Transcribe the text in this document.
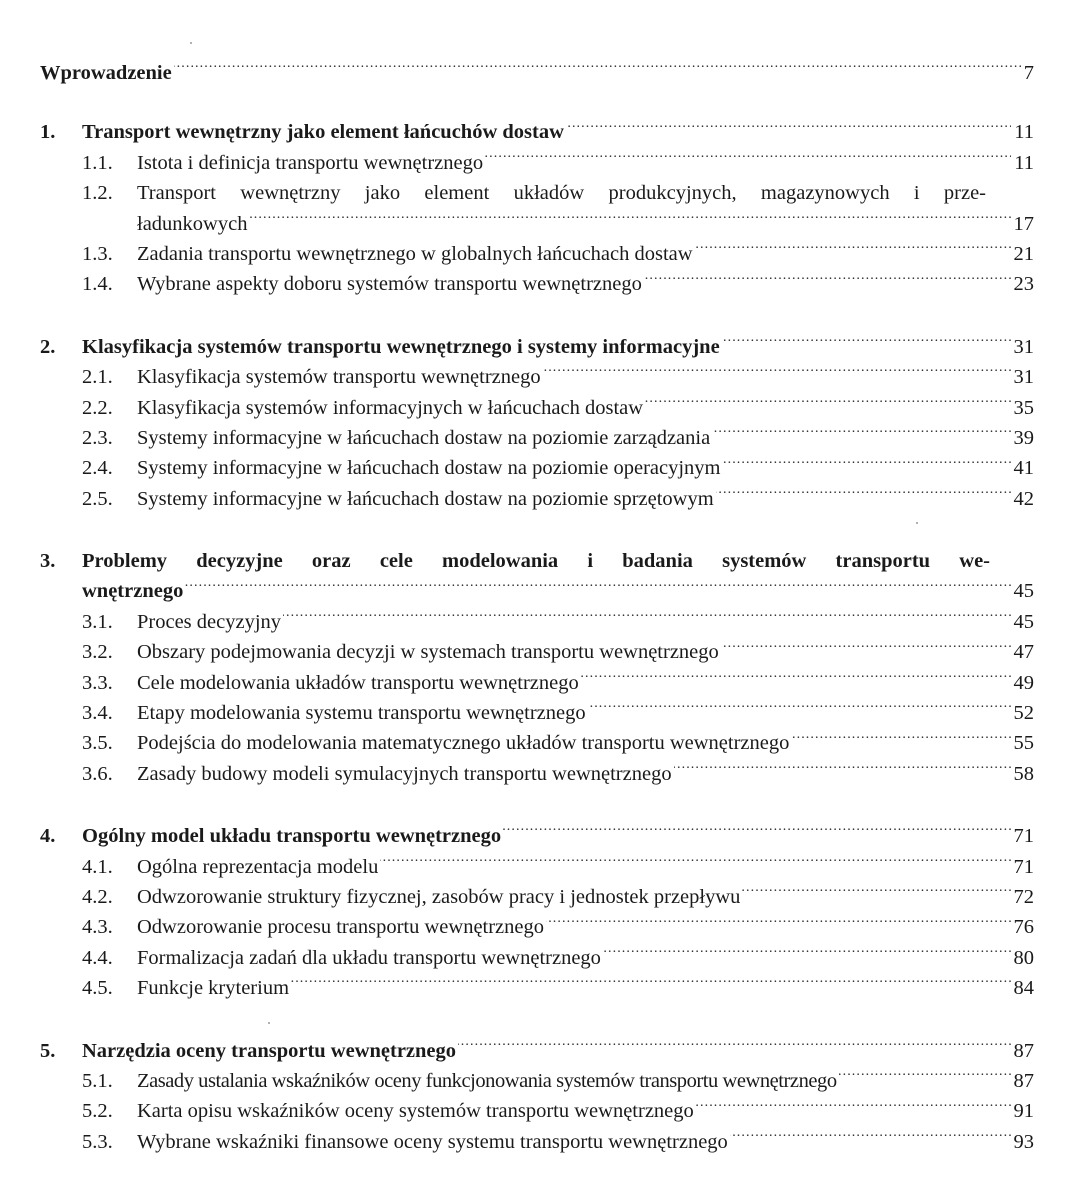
Wprowadzenie . . .	7
1.	Transport wewnętrzny jako element łańcuchów dostaw . . .	11
1.1.	Istota i definicja transportu wewnętrznego . . .	11
1.2.	Transport wewnętrzny jako element układów produkcyjnych, magazynowych i prze-
ładunkowych . . .	17
1.3.	Zadania transportu wewnętrznego w globalnych łańcuchach dostaw . . .	21
1.4.	Wybrane aspekty doboru systemów transportu wewnętrznego . . .	23
2.	Klasyfikacja systemów transportu wewnętrznego i systemy informacyjne . . .	31
2.1.	Klasyfikacja systemów transportu wewnętrznego . . .	31
2.2.	Klasyfikacja systemów informacyjnych w łańcuchach dostaw . . .	35
2.3.	Systemy informacyjne w łańcuchach dostaw na poziomie zarządzania . . .	39
2.4.	Systemy informacyjne w łańcuchach dostaw na poziomie operacyjnym . . .	41
2.5.	Systemy informacyjne w łańcuchach dostaw na poziomie sprzętowym . . .	42
3.	Problemy decyzyjne oraz cele modelowania i badania systemów transportu we-
wnętrznego . . .	45
3.1.	Proces decyzyjny . . .	45
3.2.	Obszary podejmowania decyzji w systemach transportu wewnętrznego . . .	47
3.3.	Cele modelowania układów transportu wewnętrznego . . .	49
3.4.	Etapy modelowania systemu transportu wewnętrznego . . .	52
3.5.	Podejścia do modelowania matematycznego układów transportu wewnętrznego . . .	55
3.6.	Zasady budowy modeli symulacyjnych transportu wewnętrznego . . .	58
4.	Ogólny model układu transportu wewnętrznego . . .	71
4.1.	Ogólna reprezentacja modelu . . .	71
4.2.	Odwzorowanie struktury fizycznej, zasobów pracy i jednostek przepływu . . .	72
4.3.	Odwzorowanie procesu transportu wewnętrznego . . .	76
4.4.	Formalizacja zadań dla układu transportu wewnętrznego . . .	80
4.5.	Funkcje kryterium . . .	84
5.	Narzędzia oceny transportu wewnętrznego . . .	87
5.1.	Zasady ustalania wskaźników oceny funkcjonowania systemów transportu wewnętrznego . . .	87
5.2.	Karta opisu wskaźników oceny systemów transportu wewnętrznego . . .	91
5.3.	Wybrane wskaźniki finansowe oceny systemu transportu wewnętrznego . . .	93
